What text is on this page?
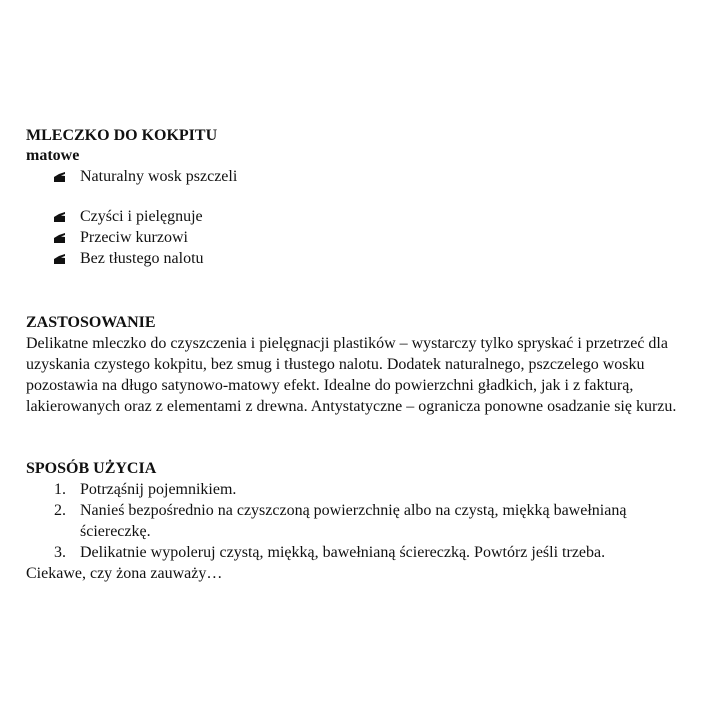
MLECZKO DO KOKPITU

matowe

Naturalny wosk pszczeli
Czyści i pielęgnuje
Przeciw kurzowi
Bez tłustego nalotu

ZASTOSOWANIE

Delikatne mleczko do czyszczenia i pielęgnacji plastików – wystarczy tylko spryskać i przetrzeć dla uzyskania czystego kokpitu, bez smug i tłustego nalotu. Dodatek naturalnego, pszczelego wosku pozostawia na długo satynowo-matowy efekt. Idealne do powierzchni gładkich, jak i z fakturą, lakierowanych oraz z elementami z drewna. Antystatyczne – ogranicza ponowne osadzanie się kurzu.

SPOSÓB UŻYCIA

1. Potrząśnij pojemnikiem.
2. Nanieś bezpośrednio na czyszczoną powierzchnię albo na czystą, miękką bawełnianą ściereczkę.
3. Delikatnie wypoleruj czystą, miękką, bawełnianą ściereczką. Powtórz jeśli trzeba.

Ciekawe, czy żona zauważy…
